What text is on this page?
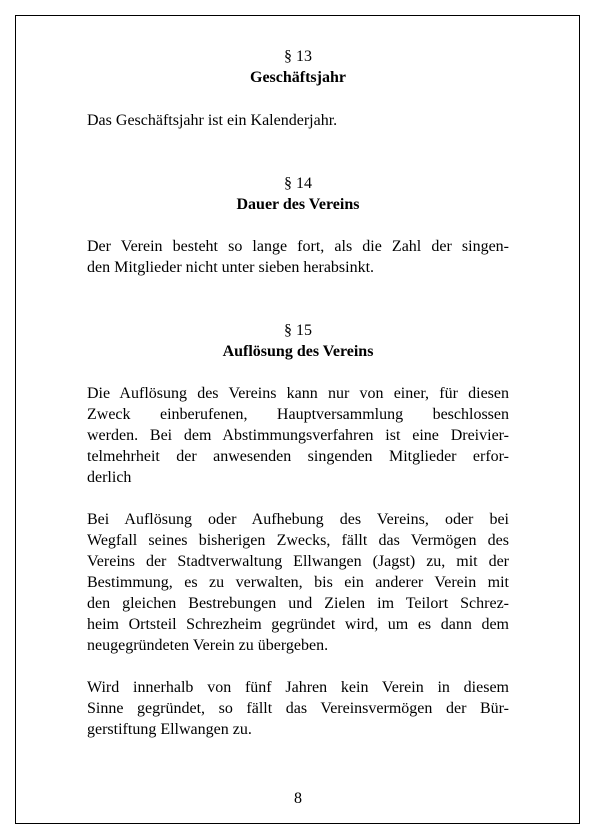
§ 13
Geschäftsjahr

Das Geschäftsjahr ist ein Kalenderjahr.

§ 14
Dauer des Vereins

Der Verein besteht so lange fort, als die Zahl der singen-
den Mitglieder nicht unter sieben herabsinkt.

§ 15
Auflösung des Vereins

Die Auflösung des Vereins kann nur von einer, für diesen
Zweck einberufenen, Hauptversammlung beschlossen
werden. Bei dem Abstimmungsverfahren ist eine Dreivier-
telmehrheit der anwesenden singenden Mitglieder erfor-
derlich

Bei Auflösung oder Aufhebung des Vereins, oder bei
Wegfall seines bisherigen Zwecks, fällt das Vermögen des
Vereins der Stadtverwaltung Ellwangen (Jagst) zu, mit der
Bestimmung, es zu verwalten, bis ein anderer Verein mit
den gleichen Bestrebungen und Zielen im Teilort Schrez-
heim Ortsteil Schrezheim gegründet wird, um es dann dem
neugegründeten Verein zu übergeben.

Wird innerhalb von fünf Jahren kein Verein in diesem
Sinne gegründet, so fällt das Vereinsvermögen der Bür-
gerstiftung Ellwangen zu.

8
